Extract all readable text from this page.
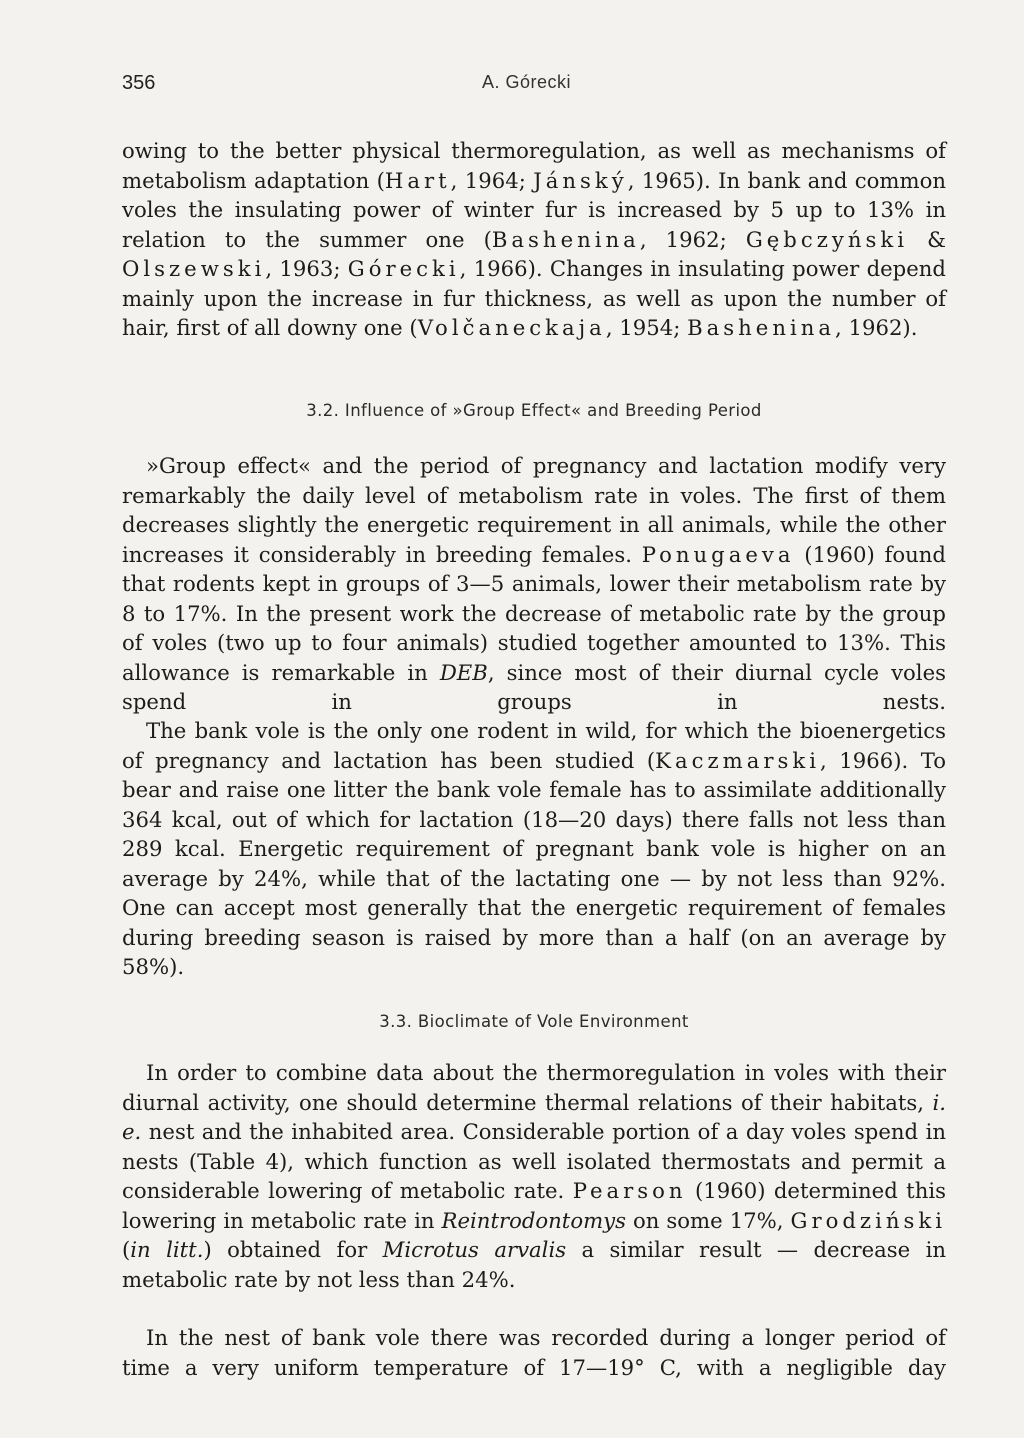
356	A. Górecki

owing to the better physical thermoregulation, as well as mechanisms of metabolism adaptation (Hart, 1964; Jánský, 1965). In bank and common voles the insulating power of winter fur is increased by 5 up to 13% in relation to the summer one (Bashenina, 1962; Gębczyński & Olszewski, 1963; Górecki, 1966). Changes in insulating power depend mainly upon the increase in fur thickness, as well as upon the number of hair, first of all downy one (Volčaneckaja, 1954; Bashenina, 1962).

3.2. Influence of »Group Effect« and Breeding Period

»Group effect« and the period of pregnancy and lactation modify very remarkably the daily level of metabolism rate in voles. The first of them decreases slightly the energetic requirement in all animals, while the other increases it considerably in breeding females. Ponugaeva (1960) found that rodents kept in groups of 3—5 animals, lower their metabolism rate by 8 to 17%. In the present work the decrease of metabolic rate by the group of voles (two up to four animals) studied together amounted to 13%. This allowance is remarkable in DEB, since most of their diurnal cycle voles spend in groups in nests.

The bank vole is the only one rodent in wild, for which the bioenergetics of pregnancy and lactation has been studied (Kaczmarski, 1966). To bear and raise one litter the bank vole female has to assimilate additionally 364 kcal, out of which for lactation (18—20 days) there falls not less than 289 kcal. Energetic requirement of pregnant bank vole is higher on an average by 24%, while that of the lactating one — by not less than 92%. One can accept most generally that the energetic requirement of females during breeding season is raised by more than a half (on an average by 58%).

3.3. Bioclimate of Vole Environment

In order to combine data about the thermoregulation in voles with their diurnal activity, one should determine thermal relations of their habitats, i. e. nest and the inhabited area. Considerable portion of a day voles spend in nests (Table 4), which function as well isolated thermostats and permit a considerable lowering of metabolic rate. Pearson (1960) determined this lowering in metabolic rate in Reintrodontomys on some 17%, Grodziński (in litt.) obtained for Microtus arvalis a similar result — decrease in metabolic rate by not less than 24%.

In the nest of bank vole there was recorded during a longer period of time a very uniform temperature of 17—19° C, with a negligible day
